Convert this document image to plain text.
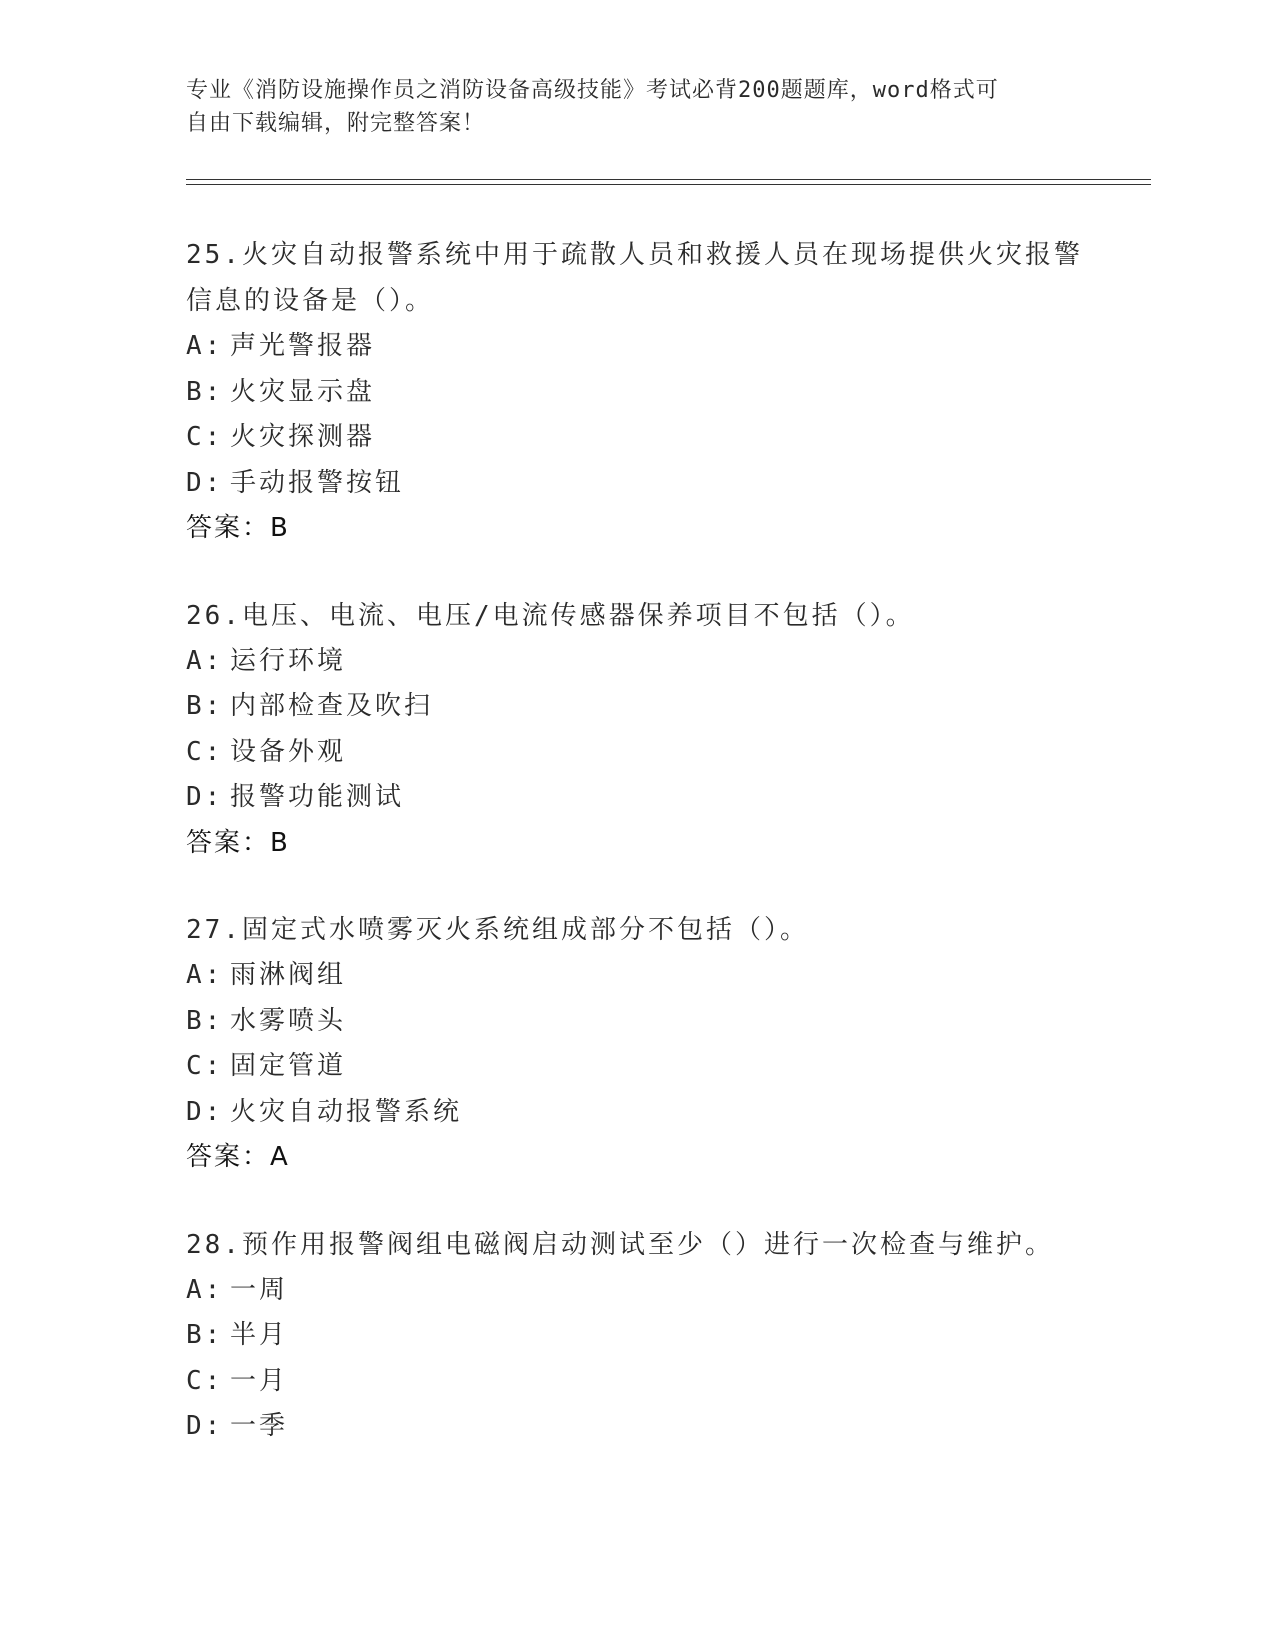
专业《消防设施操作员之消防设备高级技能》考试必背200题题库，word格式可
自由下载编辑，附完整答案！

25.火灾自动报警系统中用于疏散人员和救援人员在现场提供火灾报警
信息的设备是（）。

A: 声光警报器
B: 火灾显示盘
C: 火灾探测器
D: 手动报警按钮

答案：B

26.电压、电流、电压/电流传感器保养项目不包括（）。

A: 运行环境
B: 内部检查及吹扫
C: 设备外观
D: 报警功能测试

答案：B

27.固定式水喷雾灭火系统组成部分不包括（）。

A: 雨淋阀组
B: 水雾喷头
C: 固定管道
D: 火灾自动报警系统

答案：A

28.预作用报警阀组电磁阀启动测试至少（）进行一次检查与维护。

A: 一周
B: 半月
C: 一月
D: 一季
